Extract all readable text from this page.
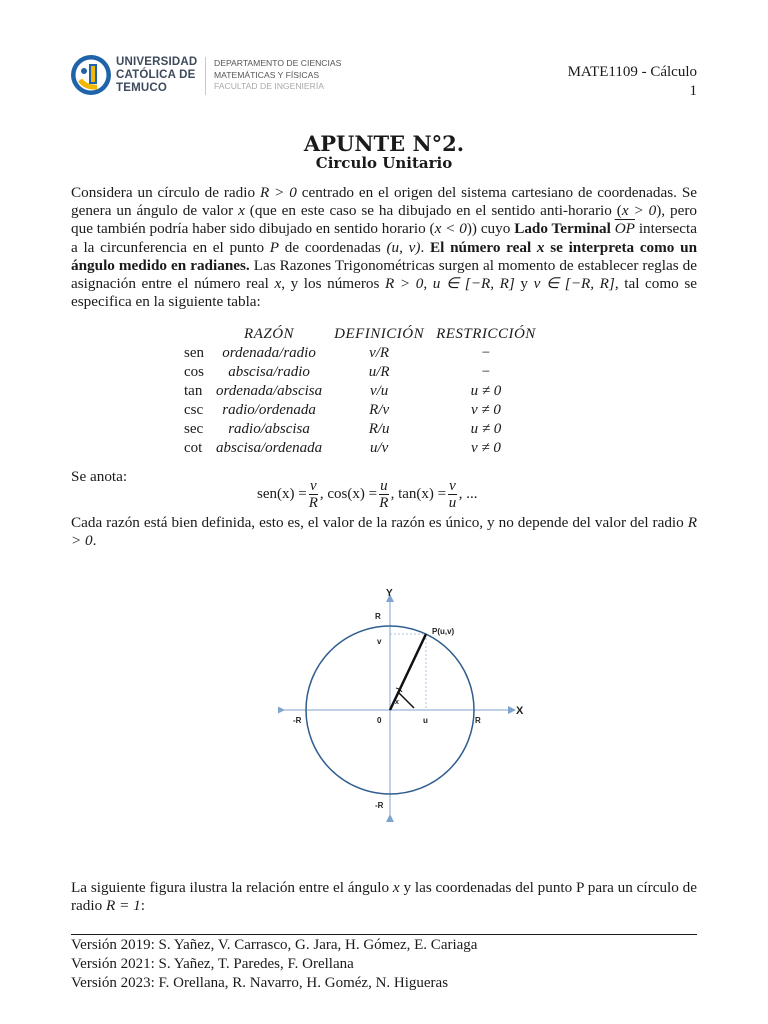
UNIVERSIDAD
CATÓLICA DE
TEMUCO
DEPARTAMENTO DE CIENCIAS
MATEMÁTICAS Y FÍSICAS
FACULTAD DE INGENIERÍA
MATE1109 - Cálculo
1
APUNTE N°2.
Circulo Unitario
Considera un círculo de radio R > 0 centrado en el origen del sistema cartesiano de coordenadas. Se genera un ángulo de valor x (que en este caso se ha dibujado en el sentido anti-horario (x > 0), pero que también podría haber sido dibujado en sentido horario (x < 0)) cuyo Lado Terminal $\overline{OP}$ intersecta a la circunferencia en el punto P de coordenadas (u, v). El número real x se interpreta como un ángulo medido en radianes. Las Razones Trigonométricas surgen al momento de establecer reglas de asignación entre el número real x, y los números R > 0, u ∈ [−R, R] y v ∈ [−R, R], tal como se especifica en la siguiente tabla:
	RAZÓN	DEFINICIÓN	RESTRICCIÓN
sen	ordenada/radio	v/R	−
cos	abscisa/radio	u/R	−
tan	ordenada/abscisa	v/u	u ≠ 0
csc	radio/ordenada	R/v	v ≠ 0
sec	radio/abscisa	R/u	u ≠ 0
cot	abscisa/ordenada	u/v	v ≠ 0
Se anota:
$sen(x) = \frac{v}{R}$ , $\cos(x) = \frac{u}{R}$ , $\tan(x) = \frac{v}{u}$ , ...
Cada razón está bien definida, esto es, el valor de la razón es único, y no depende del valor del radio R > 0.
Y
X
R
v
P(u,v)
x
-R	0	u	R
-R
La siguiente figura ilustra la relación entre el ángulo x y las coordenadas del punto P para un círculo de radio R = 1:
Versión 2019: S. Yañez, V. Carrasco, G. Jara, H. Gómez, E. Cariaga
Versión 2021: S. Yañez, T. Paredes, F. Orellana
Versión 2023: F. Orellana, R. Navarro, H. Goméz, N. Higueras
